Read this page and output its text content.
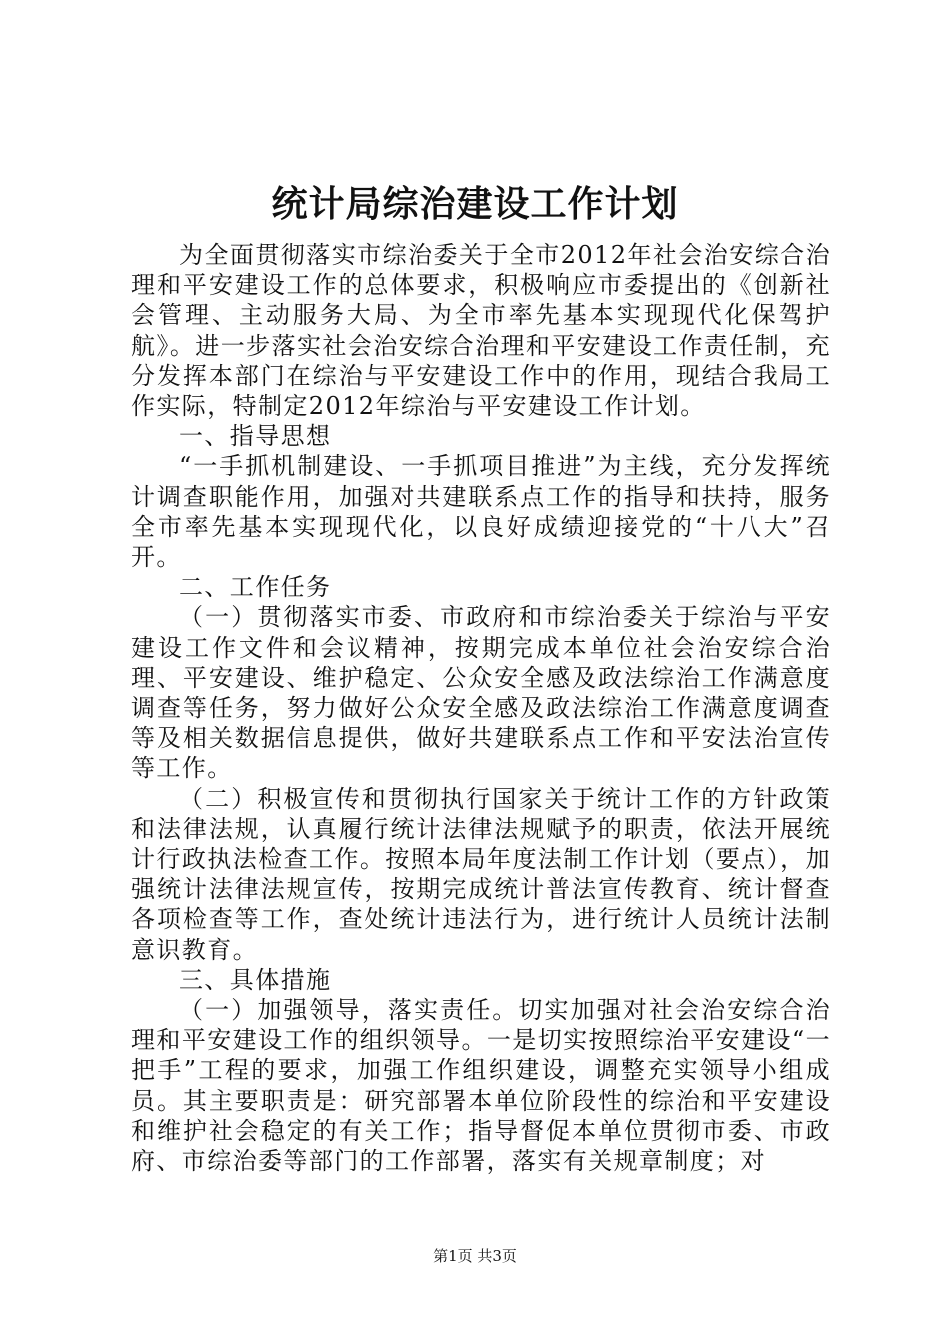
统计局综治建设工作计划

为全面贯彻落实市综治委关于全市2012年社会治安综合治理和平安建设工作的总体要求，积极响应市委提出的《创新社会管理、主动服务大局、为全市率先基本实现现代化保驾护航》。进一步落实社会治安综合治理和平安建设工作责任制，充分发挥本部门在综治与平安建设工作中的作用，现结合我局工作实际，特制定2012年综治与平安建设工作计划。

一、指导思想

“一手抓机制建设、一手抓项目推进”为主线，充分发挥统计调查职能作用，加强对共建联系点工作的指导和扶持，服务全市率先基本实现现代化，以良好成绩迎接党的“十八大”召开。

二、工作任务

（一）贯彻落实市委、市政府和市综治委关于综治与平安建设工作文件和会议精神，按期完成本单位社会治安综合治理、平安建设、维护稳定、公众安全感及政法综治工作满意度调查等任务，努力做好公众安全感及政法综治工作满意度调查等及相关数据信息提供，做好共建联系点工作和平安法治宣传等工作。

（二）积极宣传和贯彻执行国家关于统计工作的方针政策和法律法规，认真履行统计法律法规赋予的职责，依法开展统计行政执法检查工作。按照本局年度法制工作计划（要点），加强统计法律法规宣传，按期完成统计普法宣传教育、统计督查各项检查等工作，查处统计违法行为，进行统计人员统计法制意识教育。

三、具体措施

（一）加强领导，落实责任。切实加强对社会治安综合治理和平安建设工作的组织领导。一是切实按照综治平安建设“一把手”工程的要求，加强工作组织建设，调整充实领导小组成员。其主要职责是：研究部署本单位阶段性的综治和平安建设和维护社会稳定的有关工作；指导督促本单位贯彻市委、市政府、市综治委等部门的工作部署，落实有关规章制度；对

第1页 共3页
